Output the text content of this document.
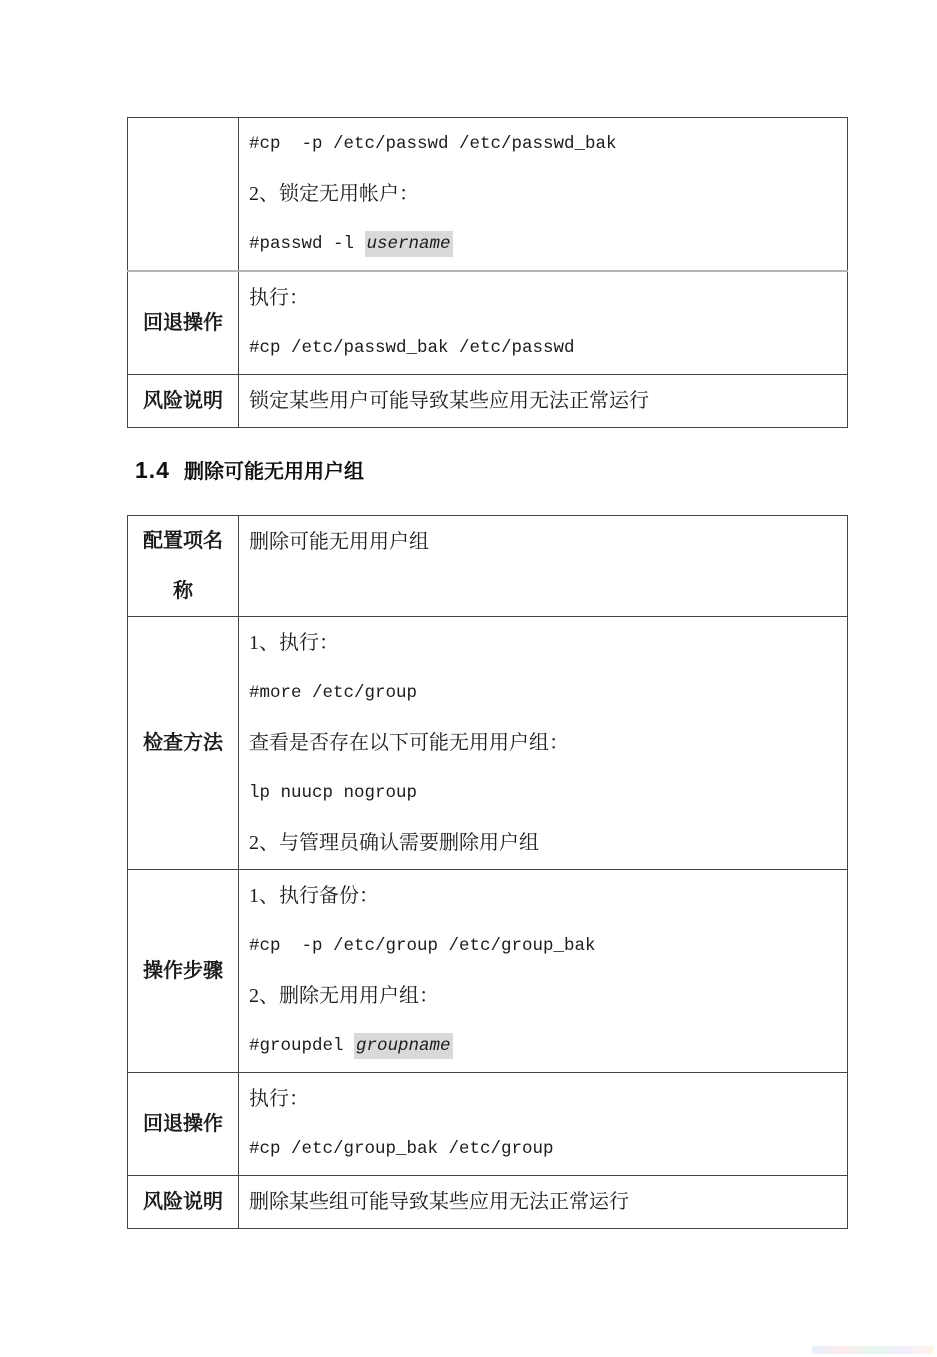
	#cp  -p /etc/passwd /etc/passwd_bak
2、锁定无用帐户：
#passwd -l username

回退操作	执行：
#cp /etc/passwd_bak /etc/passwd

风险说明	锁定某些用户可能导致某些应用无法正常运行
1.4 删除可能无用用户组
配置项名称	删除可能无用用户组

检查方法	1、执行：
#more /etc/group
查看是否存在以下可能无用用户组：
lp nuucp nogroup
2、与管理员确认需要删除用户组

操作步骤	1、执行备份：
#cp  -p /etc/group /etc/group_bak
2、删除无用用户组：
#groupdel groupname

回退操作	执行：
#cp /etc/group_bak /etc/group

风险说明	删除某些组可能导致某些应用无法正常运行
